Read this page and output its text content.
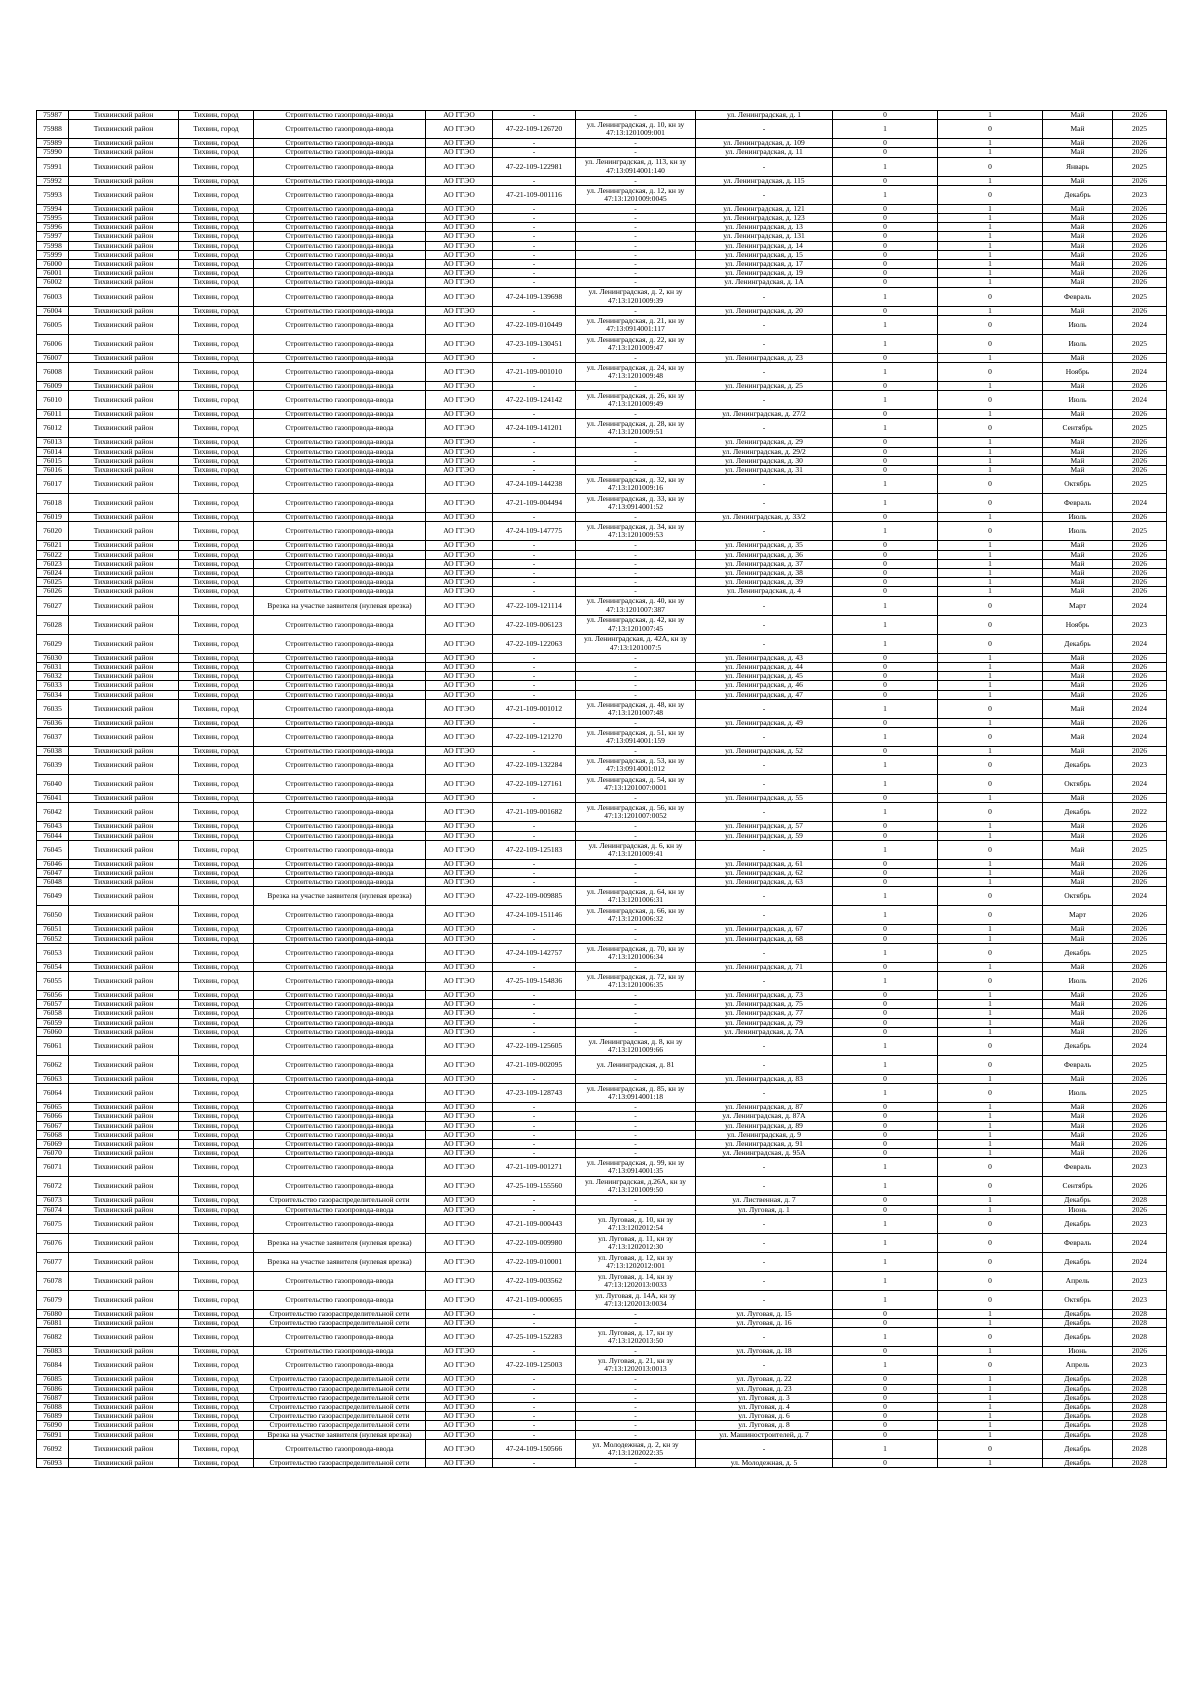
75987	Тихвинский район	Тихвин, город	Строительство газопровода-ввода	АО ГГЭО	-	-	ул. Ленинградская, д. 1	0	1	Май	2026
75988	Тихвинский район	Тихвин, город	Строительство газопровода-ввода	АО ГГЭО	47-22-109-126720	ул. Ленинградская, д. 10, кн зу 47:13:1201009:001	-	1	0	Май	2025
75989	Тихвинский район	Тихвин, город	Строительство газопровода-ввода	АО ГГЭО	-	-	ул. Ленинградская, д. 109	0	1	Май	2026
75990	Тихвинский район	Тихвин, город	Строительство газопровода-ввода	АО ГГЭО	-	-	ул. Ленинградская, д. 11	0	1	Май	2026
75991	Тихвинский район	Тихвин, город	Строительство газопровода-ввода	АО ГГЭО	47-22-109-122981	ул. Ленинградская, д. 113, кн зу 47:13:0914001:140	-	1	0	Январь	2025
75992	Тихвинский район	Тихвин, город	Строительство газопровода-ввода	АО ГГЭО	-	-	ул. Ленинградская, д. 115	0	1	Май	2026
75993	Тихвинский район	Тихвин, город	Строительство газопровода-ввода	АО ГГЭО	47-21-109-001116	ул. Ленинградская, д. 12, кн зу 47:13:1201009:0045	-	1	0	Декабрь	2023
75994	Тихвинский район	Тихвин, город	Строительство газопровода-ввода	АО ГГЭО	-	-	ул. Ленинградская, д. 121	0	1	Май	2026
75995	Тихвинский район	Тихвин, город	Строительство газопровода-ввода	АО ГГЭО	-	-	ул. Ленинградская, д. 123	0	1	Май	2026
75996	Тихвинский район	Тихвин, город	Строительство газопровода-ввода	АО ГГЭО	-	-	ул. Ленинградская, д. 13	0	1	Май	2026
75997	Тихвинский район	Тихвин, город	Строительство газопровода-ввода	АО ГГЭО	-	-	ул. Ленинградская, д. 131	0	1	Май	2026
75998	Тихвинский район	Тихвин, город	Строительство газопровода-ввода	АО ГГЭО	-	-	ул. Ленинградская, д. 14	0	1	Май	2026
75999	Тихвинский район	Тихвин, город	Строительство газопровода-ввода	АО ГГЭО	-	-	ул. Ленинградская, д. 15	0	1	Май	2026
76000	Тихвинский район	Тихвин, город	Строительство газопровода-ввода	АО ГГЭО	-	-	ул. Ленинградская, д. 17	0	1	Май	2026
76001	Тихвинский район	Тихвин, город	Строительство газопровода-ввода	АО ГГЭО	-	-	ул. Ленинградская, д. 19	0	1	Май	2026
76002	Тихвинский район	Тихвин, город	Строительство газопровода-ввода	АО ГГЭО	-	-	ул. Ленинградская, д. 1А	0	1	Май	2026
76003	Тихвинский район	Тихвин, город	Строительство газопровода-ввода	АО ГГЭО	47-24-109-139698	ул. Ленинградская, д. 2, кн зу 47:13:1201009:39	-	1	0	Февраль	2025
76004	Тихвинский район	Тихвин, город	Строительство газопровода-ввода	АО ГГЭО	-	-	ул. Ленинградская, д. 20	0	1	Май	2026
76005	Тихвинский район	Тихвин, город	Строительство газопровода-ввода	АО ГГЭО	47-22-109-010449	ул. Ленинградская, д. 21, кн зу 47:13:0914001:117	-	1	0	Июль	2024
76006	Тихвинский район	Тихвин, город	Строительство газопровода-ввода	АО ГГЭО	47-23-109-130451	ул. Ленинградская, д. 22, кн зу 47:13:1201009:47	-	1	0	Июль	2025
76007	Тихвинский район	Тихвин, город	Строительство газопровода-ввода	АО ГГЭО	-	-	ул. Ленинградская, д. 23	0	1	Май	2026
76008	Тихвинский район	Тихвин, город	Строительство газопровода-ввода	АО ГГЭО	47-21-109-001010	ул. Ленинградская, д. 24, кн зу 47:13:1201009:48	-	1	0	Ноябрь	2024
76009	Тихвинский район	Тихвин, город	Строительство газопровода-ввода	АО ГГЭО	-	-	ул. Ленинградская, д. 25	0	1	Май	2026
76010	Тихвинский район	Тихвин, город	Строительство газопровода-ввода	АО ГГЭО	47-22-109-124142	ул. Ленинградская, д. 26, кн зу 47:13:1201009:49	-	1	0	Июль	2024
76011	Тихвинский район	Тихвин, город	Строительство газопровода-ввода	АО ГГЭО	-	-	ул. Ленинградская, д. 27/2	0	1	Май	2026
76012	Тихвинский район	Тихвин, город	Строительство газопровода-ввода	АО ГГЭО	47-24-109-141201	ул. Ленинградская, д. 28, кн зу 47:13:1201009:51	-	1	0	Сентябрь	2025
76013	Тихвинский район	Тихвин, город	Строительство газопровода-ввода	АО ГГЭО	-	-	ул. Ленинградская, д. 29	0	1	Май	2026
76014	Тихвинский район	Тихвин, город	Строительство газопровода-ввода	АО ГГЭО	-	-	ул. Ленинградская, д. 29/2	0	1	Май	2026
76015	Тихвинский район	Тихвин, город	Строительство газопровода-ввода	АО ГГЭО	-	-	ул. Ленинградская, д. 30	0	1	Май	2026
76016	Тихвинский район	Тихвин, город	Строительство газопровода-ввода	АО ГГЭО	-	-	ул. Ленинградская, д. 31	0	1	Май	2026
76017	Тихвинский район	Тихвин, город	Строительство газопровода-ввода	АО ГГЭО	47-24-109-144238	ул. Ленинградская, д. 32, кн зу 47:13:1201009:16	-	1	0	Октябрь	2025
76018	Тихвинский район	Тихвин, город	Строительство газопровода-ввода	АО ГГЭО	47-21-109-004494	ул. Ленинградская, д. 33, кн зу 47:13:0914001:52	-	1	0	Февраль	2024
76019	Тихвинский район	Тихвин, город	Строительство газопровода-ввода	АО ГГЭО	-	-	ул. Ленинградская, д. 33/2	0	1	Июль	2026
76020	Тихвинский район	Тихвин, город	Строительство газопровода-ввода	АО ГГЭО	47-24-109-147775	ул. Ленинградская, д. 34, кн зу 47:13:1201009:53	-	1	0	Июль	2025
76021	Тихвинский район	Тихвин, город	Строительство газопровода-ввода	АО ГГЭО	-	-	ул. Ленинградская, д. 35	0	1	Май	2026
76022	Тихвинский район	Тихвин, город	Строительство газопровода-ввода	АО ГГЭО	-	-	ул. Ленинградская, д. 36	0	1	Май	2026
76023	Тихвинский район	Тихвин, город	Строительство газопровода-ввода	АО ГГЭО	-	-	ул. Ленинградская, д. 37	0	1	Май	2026
76024	Тихвинский район	Тихвин, город	Строительство газопровода-ввода	АО ГГЭО	-	-	ул. Ленинградская, д. 38	0	1	Май	2026
76025	Тихвинский район	Тихвин, город	Строительство газопровода-ввода	АО ГГЭО	-	-	ул. Ленинградская, д. 39	0	1	Май	2026
76026	Тихвинский район	Тихвин, город	Строительство газопровода-ввода	АО ГГЭО	-	-	ул. Ленинградская, д. 4	0	1	Май	2026
76027	Тихвинский район	Тихвин, город	Врезка на участке заявителя (нулевая врезка)	АО ГГЭО	47-22-109-121114	ул. Ленинградская, д. 40, кн зу 47:13:1201007:387	-	1	0	Март	2024
76028	Тихвинский район	Тихвин, город	Строительство газопровода-ввода	АО ГГЭО	47-22-109-006123	ул. Ленинградская, д. 42, кн зу 47:13:1201007:45	-	1	0	Ноябрь	2023
76029	Тихвинский район	Тихвин, город	Строительство газопровода-ввода	АО ГГЭО	47-22-109-122063	ул. Ленинградская, д. 42А, кн зу 47:13:1201007:5	-	1	0	Декабрь	2024
76030	Тихвинский район	Тихвин, город	Строительство газопровода-ввода	АО ГГЭО	-	-	ул. Ленинградская, д. 43	0	1	Май	2026
76031	Тихвинский район	Тихвин, город	Строительство газопровода-ввода	АО ГГЭО	-	-	ул. Ленинградская, д. 44	0	1	Май	2026
76032	Тихвинский район	Тихвин, город	Строительство газопровода-ввода	АО ГГЭО	-	-	ул. Ленинградская, д. 45	0	1	Май	2026
76033	Тихвинский район	Тихвин, город	Строительство газопровода-ввода	АО ГГЭО	-	-	ул. Ленинградская, д. 46	0	1	Май	2026
76034	Тихвинский район	Тихвин, город	Строительство газопровода-ввода	АО ГГЭО	-	-	ул. Ленинградская, д. 47	0	1	Май	2026
76035	Тихвинский район	Тихвин, город	Строительство газопровода-ввода	АО ГГЭО	47-21-109-001012	ул. Ленинградская, д. 48, кн зу 47:13:1201007:48	-	1	0	Май	2024
76036	Тихвинский район	Тихвин, город	Строительство газопровода-ввода	АО ГГЭО	-	-	ул. Ленинградская, д. 49	0	1	Май	2026
76037	Тихвинский район	Тихвин, город	Строительство газопровода-ввода	АО ГГЭО	47-22-109-121270	ул. Ленинградская, д. 51, кн зу 47:13:0914001:159	-	1	0	Май	2024
76038	Тихвинский район	Тихвин, город	Строительство газопровода-ввода	АО ГГЭО	-	-	ул. Ленинградская, д. 52	0	1	Май	2026
76039	Тихвинский район	Тихвин, город	Строительство газопровода-ввода	АО ГГЭО	47-22-109-132284	ул. Ленинградская, д. 53, кн зу 47:13:0914001:012	-	1	0	Декабрь	2023
76040	Тихвинский район	Тихвин, город	Строительство газопровода-ввода	АО ГГЭО	47-22-109-127161	ул. Ленинградская, д. 54, кн зу 47:13:1201007:0001	-	1	0	Октябрь	2024
76041	Тихвинский район	Тихвин, город	Строительство газопровода-ввода	АО ГГЭО	-	-	ул. Ленинградская, д. 55	0	1	Май	2026
76042	Тихвинский район	Тихвин, город	Строительство газопровода-ввода	АО ГГЭО	47-21-109-001682	ул. Ленинградская, д. 56, кн зу 47:13:1201007:0052	-	1	0	Декабрь	2022
76043	Тихвинский район	Тихвин, город	Строительство газопровода-ввода	АО ГГЭО	-	-	ул. Ленинградская, д. 57	0	1	Май	2026
76044	Тихвинский район	Тихвин, город	Строительство газопровода-ввода	АО ГГЭО	-	-	ул. Ленинградская, д. 59	0	1	Май	2026
76045	Тихвинский район	Тихвин, город	Строительство газопровода-ввода	АО ГГЭО	47-22-109-125183	ул. Ленинградская, д. 6, кн зу 47:13:1201009:41	-	1	0	Май	2025
76046	Тихвинский район	Тихвин, город	Строительство газопровода-ввода	АО ГГЭО	-	-	ул. Ленинградская, д. 61	0	1	Май	2026
76047	Тихвинский район	Тихвин, город	Строительство газопровода-ввода	АО ГГЭО	-	-	ул. Ленинградская, д. 62	0	1	Май	2026
76048	Тихвинский район	Тихвин, город	Строительство газопровода-ввода	АО ГГЭО	-	-	ул. Ленинградская, д. 63	0	1	Май	2026
76049	Тихвинский район	Тихвин, город	Врезка на участке заявителя (нулевая врезка)	АО ГГЭО	47-22-109-009885	ул. Ленинградская, д. 64, кн зу 47:13:1201006:31	-	1	0	Октябрь	2024
76050	Тихвинский район	Тихвин, город	Строительство газопровода-ввода	АО ГГЭО	47-24-109-151146	ул. Ленинградская, д. 66, кн зу 47:13:1201006:32	-	1	0	Март	2026
76051	Тихвинский район	Тихвин, город	Строительство газопровода-ввода	АО ГГЭО	-	-	ул. Ленинградская, д. 67	0	1	Май	2026
76052	Тихвинский район	Тихвин, город	Строительство газопровода-ввода	АО ГГЭО	-	-	ул. Ленинградская, д. 68	0	1	Май	2026
76053	Тихвинский район	Тихвин, город	Строительство газопровода-ввода	АО ГГЭО	47-24-109-142757	ул. Ленинградская, д. 70, кн зу 47:13:1201006:34	-	1	0	Декабрь	2025
76054	Тихвинский район	Тихвин, город	Строительство газопровода-ввода	АО ГГЭО	-	-	ул. Ленинградская, д. 71	0	1	Май	2026
76055	Тихвинский район	Тихвин, город	Строительство газопровода-ввода	АО ГГЭО	47-25-109-154836	ул. Ленинградская, д. 72, кн зу 47:13:1201006:35	-	1	0	Июль	2026
76056	Тихвинский район	Тихвин, город	Строительство газопровода-ввода	АО ГГЭО	-	-	ул. Ленинградская, д. 73	0	1	Май	2026
76057	Тихвинский район	Тихвин, город	Строительство газопровода-ввода	АО ГГЭО	-	-	ул. Ленинградская, д. 75	0	1	Май	2026
76058	Тихвинский район	Тихвин, город	Строительство газопровода-ввода	АО ГГЭО	-	-	ул. Ленинградская, д. 77	0	1	Май	2026
76059	Тихвинский район	Тихвин, город	Строительство газопровода-ввода	АО ГГЭО	-	-	ул. Ленинградская, д. 79	0	1	Май	2026
76060	Тихвинский район	Тихвин, город	Строительство газопровода-ввода	АО ГГЭО	-	-	ул. Ленинградская, д. 7А	0	1	Май	2026
76061	Тихвинский район	Тихвин, город	Строительство газопровода-ввода	АО ГГЭО	47-22-109-125605	ул. Ленинградская, д. 8, кн зу 47:13:1201009:66	-	1	0	Декабрь	2024
76062	Тихвинский район	Тихвин, город	Строительство газопровода-ввода	АО ГГЭО	47-21-109-002095	ул. Ленинградская, д. 81	-	1	0	Февраль	2025
76063	Тихвинский район	Тихвин, город	Строительство газопровода-ввода	АО ГГЭО	-	-	ул. Ленинградская, д. 83	0	1	Май	2026
76064	Тихвинский район	Тихвин, город	Строительство газопровода-ввода	АО ГГЭО	47-23-109-128743	ул. Ленинградская, д. 85, кн зу 47:13:0914001:18	-	1	0	Июль	2025
76065	Тихвинский район	Тихвин, город	Строительство газопровода-ввода	АО ГГЭО	-	-	ул. Ленинградская, д. 87	0	1	Май	2026
76066	Тихвинский район	Тихвин, город	Строительство газопровода-ввода	АО ГГЭО	-	-	ул. Ленинградская, д. 87А	0	1	Май	2026
76067	Тихвинский район	Тихвин, город	Строительство газопровода-ввода	АО ГГЭО	-	-	ул. Ленинградская, д. 89	0	1	Май	2026
76068	Тихвинский район	Тихвин, город	Строительство газопровода-ввода	АО ГГЭО	-	-	ул. Ленинградская, д. 9	0	1	Май	2026
76069	Тихвинский район	Тихвин, город	Строительство газопровода-ввода	АО ГГЭО	-	-	ул. Ленинградская, д. 91	0	1	Май	2026
76070	Тихвинский район	Тихвин, город	Строительство газопровода-ввода	АО ГГЭО	-	-	ул. Ленинградская, д. 95А	0	1	Май	2026
76071	Тихвинский район	Тихвин, город	Строительство газопровода-ввода	АО ГГЭО	47-21-109-001271	ул. Ленинградская, д. 99, кн зу 47:13:0914001:35	-	1	0	Февраль	2023
76072	Тихвинский район	Тихвин, город	Строительство газопровода-ввода	АО ГГЭО	47-25-109-155560	ул. Ленинградская, д.26А, кн зу 47:13:1201009:50	-	1	0	Сентябрь	2026
76073	Тихвинский район	Тихвин, город	Строительство газораспределительной сети	АО ГГЭО	-	-	ул. Лиственная, д. 7	0	1	Декабрь	2028
76074	Тихвинский район	Тихвин, город	Строительство газопровода-ввода	АО ГГЭО	-	-	ул. Луговая, д. 1	0	1	Июнь	2026
76075	Тихвинский район	Тихвин, город	Строительство газопровода-ввода	АО ГГЭО	47-21-109-000443	ул. Луговая, д. 10, кн зу 47:13:1202012:54	-	1	0	Декабрь	2023
76076	Тихвинский район	Тихвин, город	Врезка на участке заявителя (нулевая врезка)	АО ГГЭО	47-22-109-009980	ул. Луговая, д. 11, кн зу 47:13:1202012:30	-	1	0	Февраль	2024
76077	Тихвинский район	Тихвин, город	Врезка на участке заявителя (нулевая врезка)	АО ГГЭО	47-22-109-010001	ул. Луговая, д. 12, кн зу 47:13:1202012:001	-	1	0	Декабрь	2024
76078	Тихвинский район	Тихвин, город	Строительство газопровода-ввода	АО ГГЭО	47-22-109-003562	ул. Луговая, д. 14, кн зу 47:13:1202013:0033	-	1	0	Апрель	2023
76079	Тихвинский район	Тихвин, город	Строительство газопровода-ввода	АО ГГЭО	47-21-109-000695	ул. Луговая, д. 14А, кн зу 47:13:1202013:0034	-	1	0	Октябрь	2023
76080	Тихвинский район	Тихвин, город	Строительство газораспределительной сети	АО ГГЭО	-	-	ул. Луговая, д. 15	0	1	Декабрь	2028
76081	Тихвинский район	Тихвин, город	Строительство газораспределительной сети	АО ГГЭО	-	-	ул. Луговая, д. 16	0	1	Декабрь	2028
76082	Тихвинский район	Тихвин, город	Строительство газопровода-ввода	АО ГГЭО	47-25-109-152283	ул. Луговая, д. 17, кн зу 47:13:1202013:50	-	1	0	Декабрь	2028
76083	Тихвинский район	Тихвин, город	Строительство газопровода-ввода	АО ГГЭО	-	-	ул. Луговая, д. 18	0	1	Июнь	2026
76084	Тихвинский район	Тихвин, город	Строительство газопровода-ввода	АО ГГЭО	47-22-109-125003	ул. Луговая, д. 21, кн зу 47:13:1202013:0013	-	1	0	Апрель	2023
76085	Тихвинский район	Тихвин, город	Строительство газораспределительной сети	АО ГГЭО	-	-	ул. Луговая, д. 22	0	1	Декабрь	2028
76086	Тихвинский район	Тихвин, город	Строительство газораспределительной сети	АО ГГЭО	-	-	ул. Луговая, д. 23	0	1	Декабрь	2028
76087	Тихвинский район	Тихвин, город	Строительство газораспределительной сети	АО ГГЭО	-	-	ул. Луговая, д. 3	0	1	Декабрь	2028
76088	Тихвинский район	Тихвин, город	Строительство газораспределительной сети	АО ГГЭО	-	-	ул. Луговая, д. 4	0	1	Декабрь	2028
76089	Тихвинский район	Тихвин, город	Строительство газораспределительной сети	АО ГГЭО	-	-	ул. Луговая, д. 6	0	1	Декабрь	2028
76090	Тихвинский район	Тихвин, город	Строительство газораспределительной сети	АО ГГЭО	-	-	ул. Луговая, д. 8	0	1	Декабрь	2028
76091	Тихвинский район	Тихвин, город	Врезка на участке заявителя (нулевая врезка)	АО ГГЭО	-	-	ул. Машиностроителей, д. 7	0	1	Декабрь	2028
76092	Тихвинский район	Тихвин, город	Строительство газопровода-ввода	АО ГГЭО	47-24-109-150566	ул. Молодежная, д. 2, кн зу 47:13:1202022:35	-	1	0	Декабрь	2028
76093	Тихвинский район	Тихвин, город	Строительство газораспределительной сети	АО ГГЭО	-	-	ул. Молодежная, д. 5	0	1	Декабрь	2028
